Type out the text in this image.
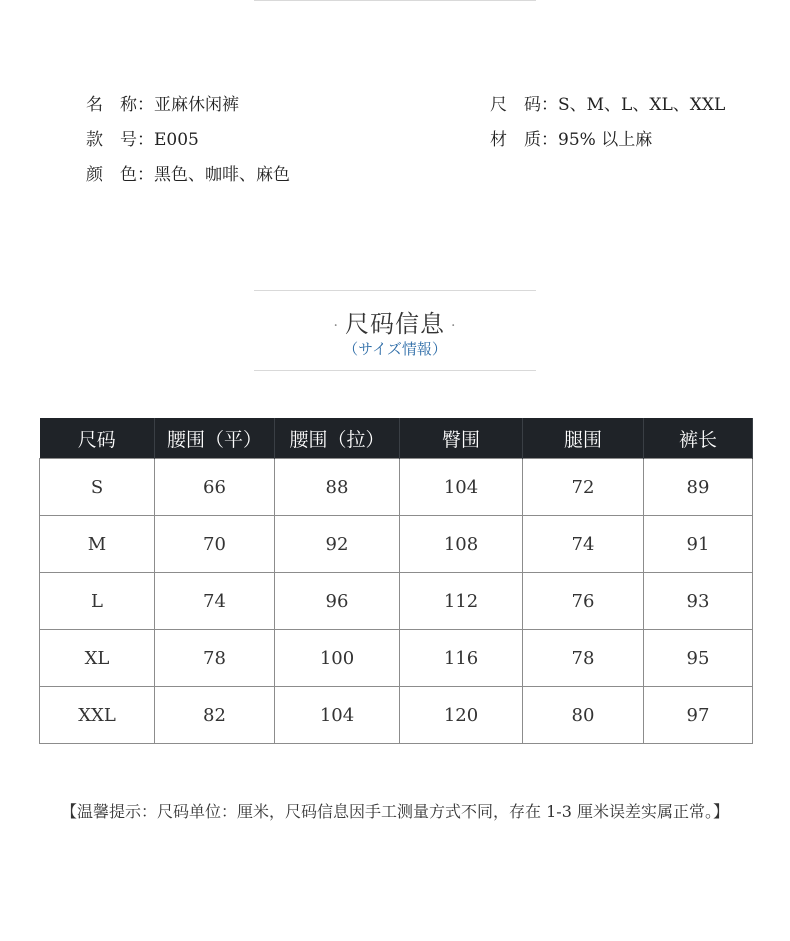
名　称：亚麻休闲裤	尺　码：S、M、L、XL、XXL
款　号：E005	材　质：95% 以上麻
颜　色：黑色、咖啡、麻色
· 尺码信息 ·
（サイズ情報）
尺码	腰围（平）	腰围（拉）	臀围	腿围	裤长
S	66	88	104	72	89
M	70	92	108	74	91
L	74	96	112	76	93
XL	78	100	116	78	95
XXL	82	104	120	80	97
【温馨提示：尺码单位：厘米，尺码信息因手工测量方式不同，存在 1-3 厘米误差实属正常。】
